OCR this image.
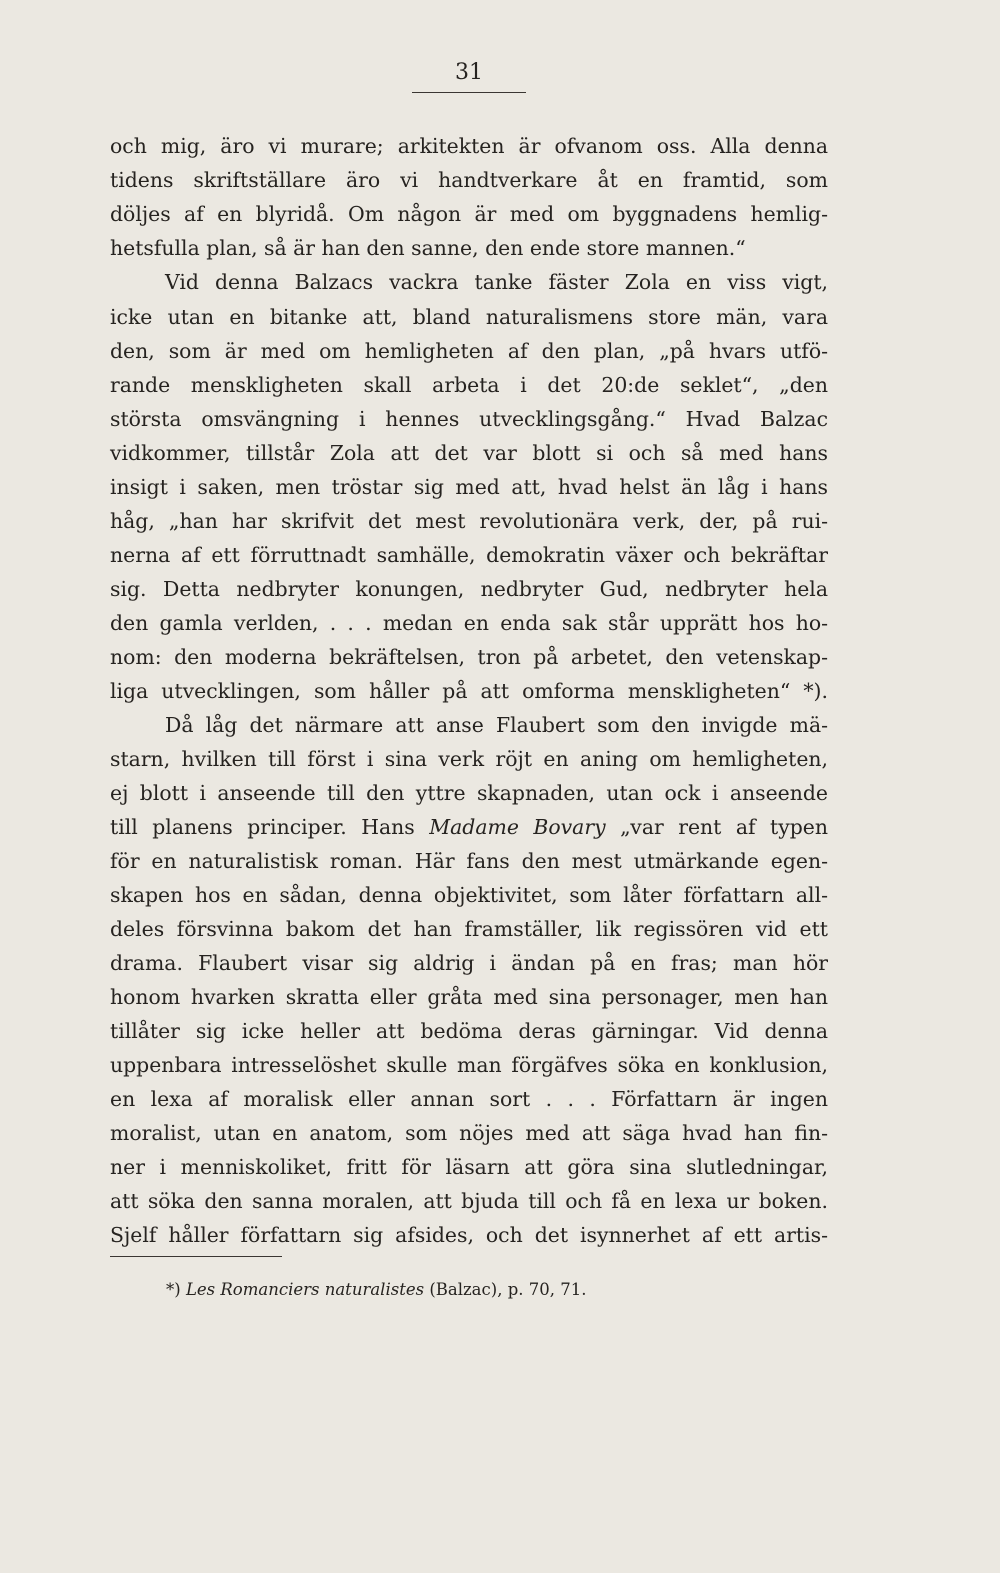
31
och mig, äro vi murare; arkitekten är ofvanom oss. Alla denna
tidens skriftställare äro vi handtverkare åt en framtid, som
döljes af en blyridå. Om någon är med om byggnadens hemlig-
hetsfulla plan, så är han den sanne, den ende store mannen.“
Vid denna Balzacs vackra tanke fäster Zola en viss vigt,
icke utan en bitanke att, bland naturalismens store män, vara
den, som är med om hemligheten af den plan, „på hvars utfö-
rande menskligheten skall arbeta i det 20:de seklet“, „den
största omsvängning i hennes utvecklingsgång.“ Hvad Balzac
vidkommer, tillstår Zola att det var blott si och så med hans
insigt i saken, men tröstar sig med att, hvad helst än låg i hans
håg, „han har skrifvit det mest revolutionära verk, der, på rui-
nerna af ett förruttnadt samhälle, demokratin växer och bekräftar
sig. Detta nedbryter konungen, nedbryter Gud, nedbryter hela
den gamla verlden, . . . medan en enda sak står upprätt hos ho-
nom: den moderna bekräftelsen, tron på arbetet, den vetenskap-
liga utvecklingen, som håller på att omforma menskligheten“ *).
Då låg det närmare att anse Flaubert som den invigde mä-
starn, hvilken till först i sina verk röjt en aning om hemligheten,
ej blott i anseende till den yttre skapnaden, utan ock i anseende
till planens principer. Hans Madame Bovary „var rent af typen
för en naturalistisk roman. Här fans den mest utmärkande egen-
skapen hos en sådan, denna objektivitet, som låter författarn all-
deles försvinna bakom det han framställer, lik regissören vid ett
drama. Flaubert visar sig aldrig i ändan på en fras; man hör
honom hvarken skratta eller gråta med sina personager, men han
tillåter sig icke heller att bedöma deras gärningar. Vid denna
uppenbara intresselöshet skulle man förgäfves söka en konklusion,
en lexa af moralisk eller annan sort . . . Författarn är ingen
moralist, utan en anatom, som nöjes med att säga hvad han fin-
ner i menniskoliket, fritt för läsarn att göra sina slutledningar,
att söka den sanna moralen, att bjuda till och få en lexa ur boken.
Sjelf håller författarn sig afsides, och det isynnerhet af ett artis-
*) Les Romanciers naturalistes (Balzac), p. 70, 71.
